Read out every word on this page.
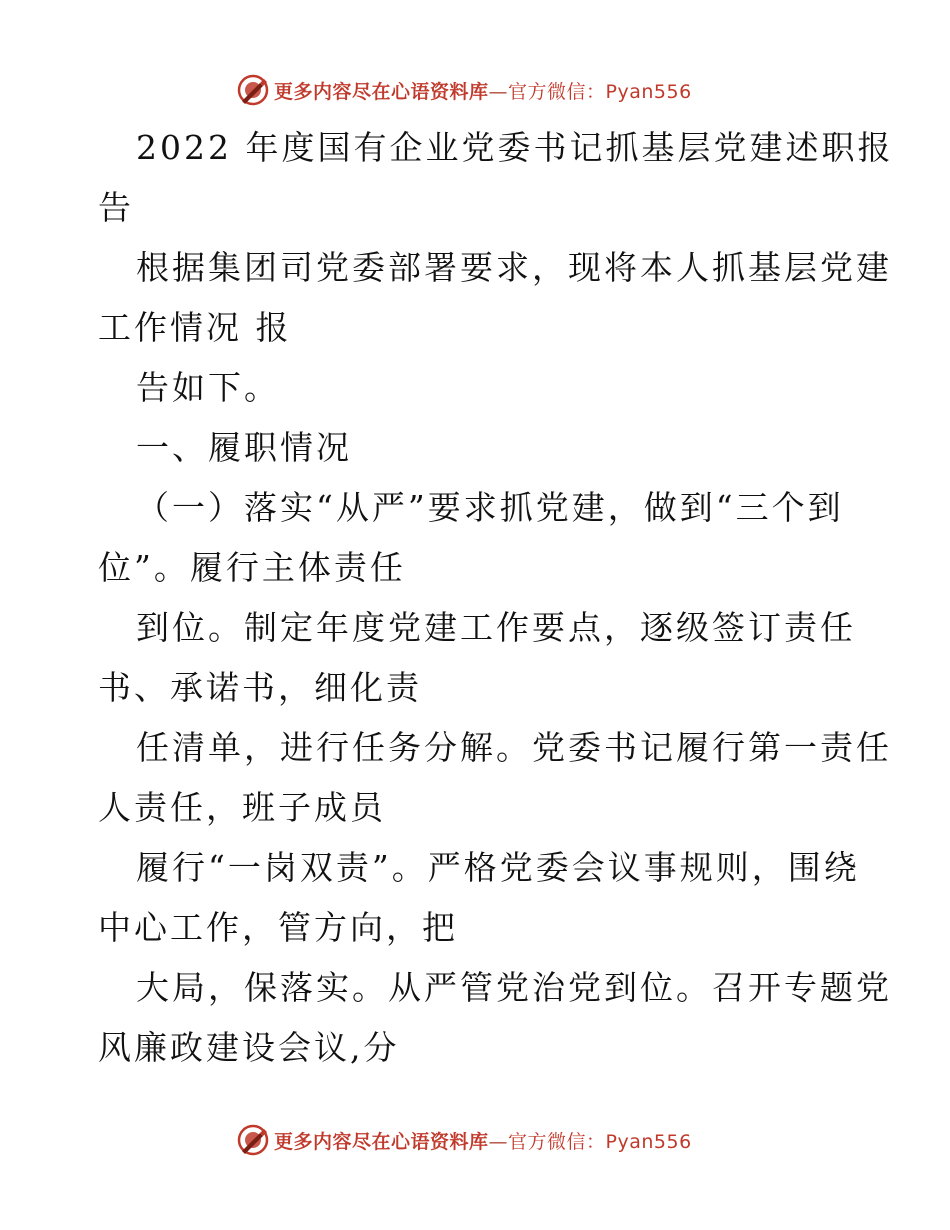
更多内容尽在心语资料库—官方微信：Pyan556
2022 年度国有企业党委书记抓基层党建述职报
告
根据集团司党委部署要求，现将本人抓基层党建
工作情况 报
告如下。
一、履职情况
（一）落实“从严”要求抓党建，做到“三个到
位”。履行主体责任
到位。制定年度党建工作要点，逐级签订责任
书、承诺书，细化责
任清单，进行任务分解。党委书记履行第一责任
人责任，班子成员
履行“一岗双责”。严格党委会议事规则，围绕
中心工作，管方向，把
大局，保落实。从严管党治党到位。召开专题党
风廉政建设会议,分
更多内容尽在心语资料库—官方微信：Pyan556
